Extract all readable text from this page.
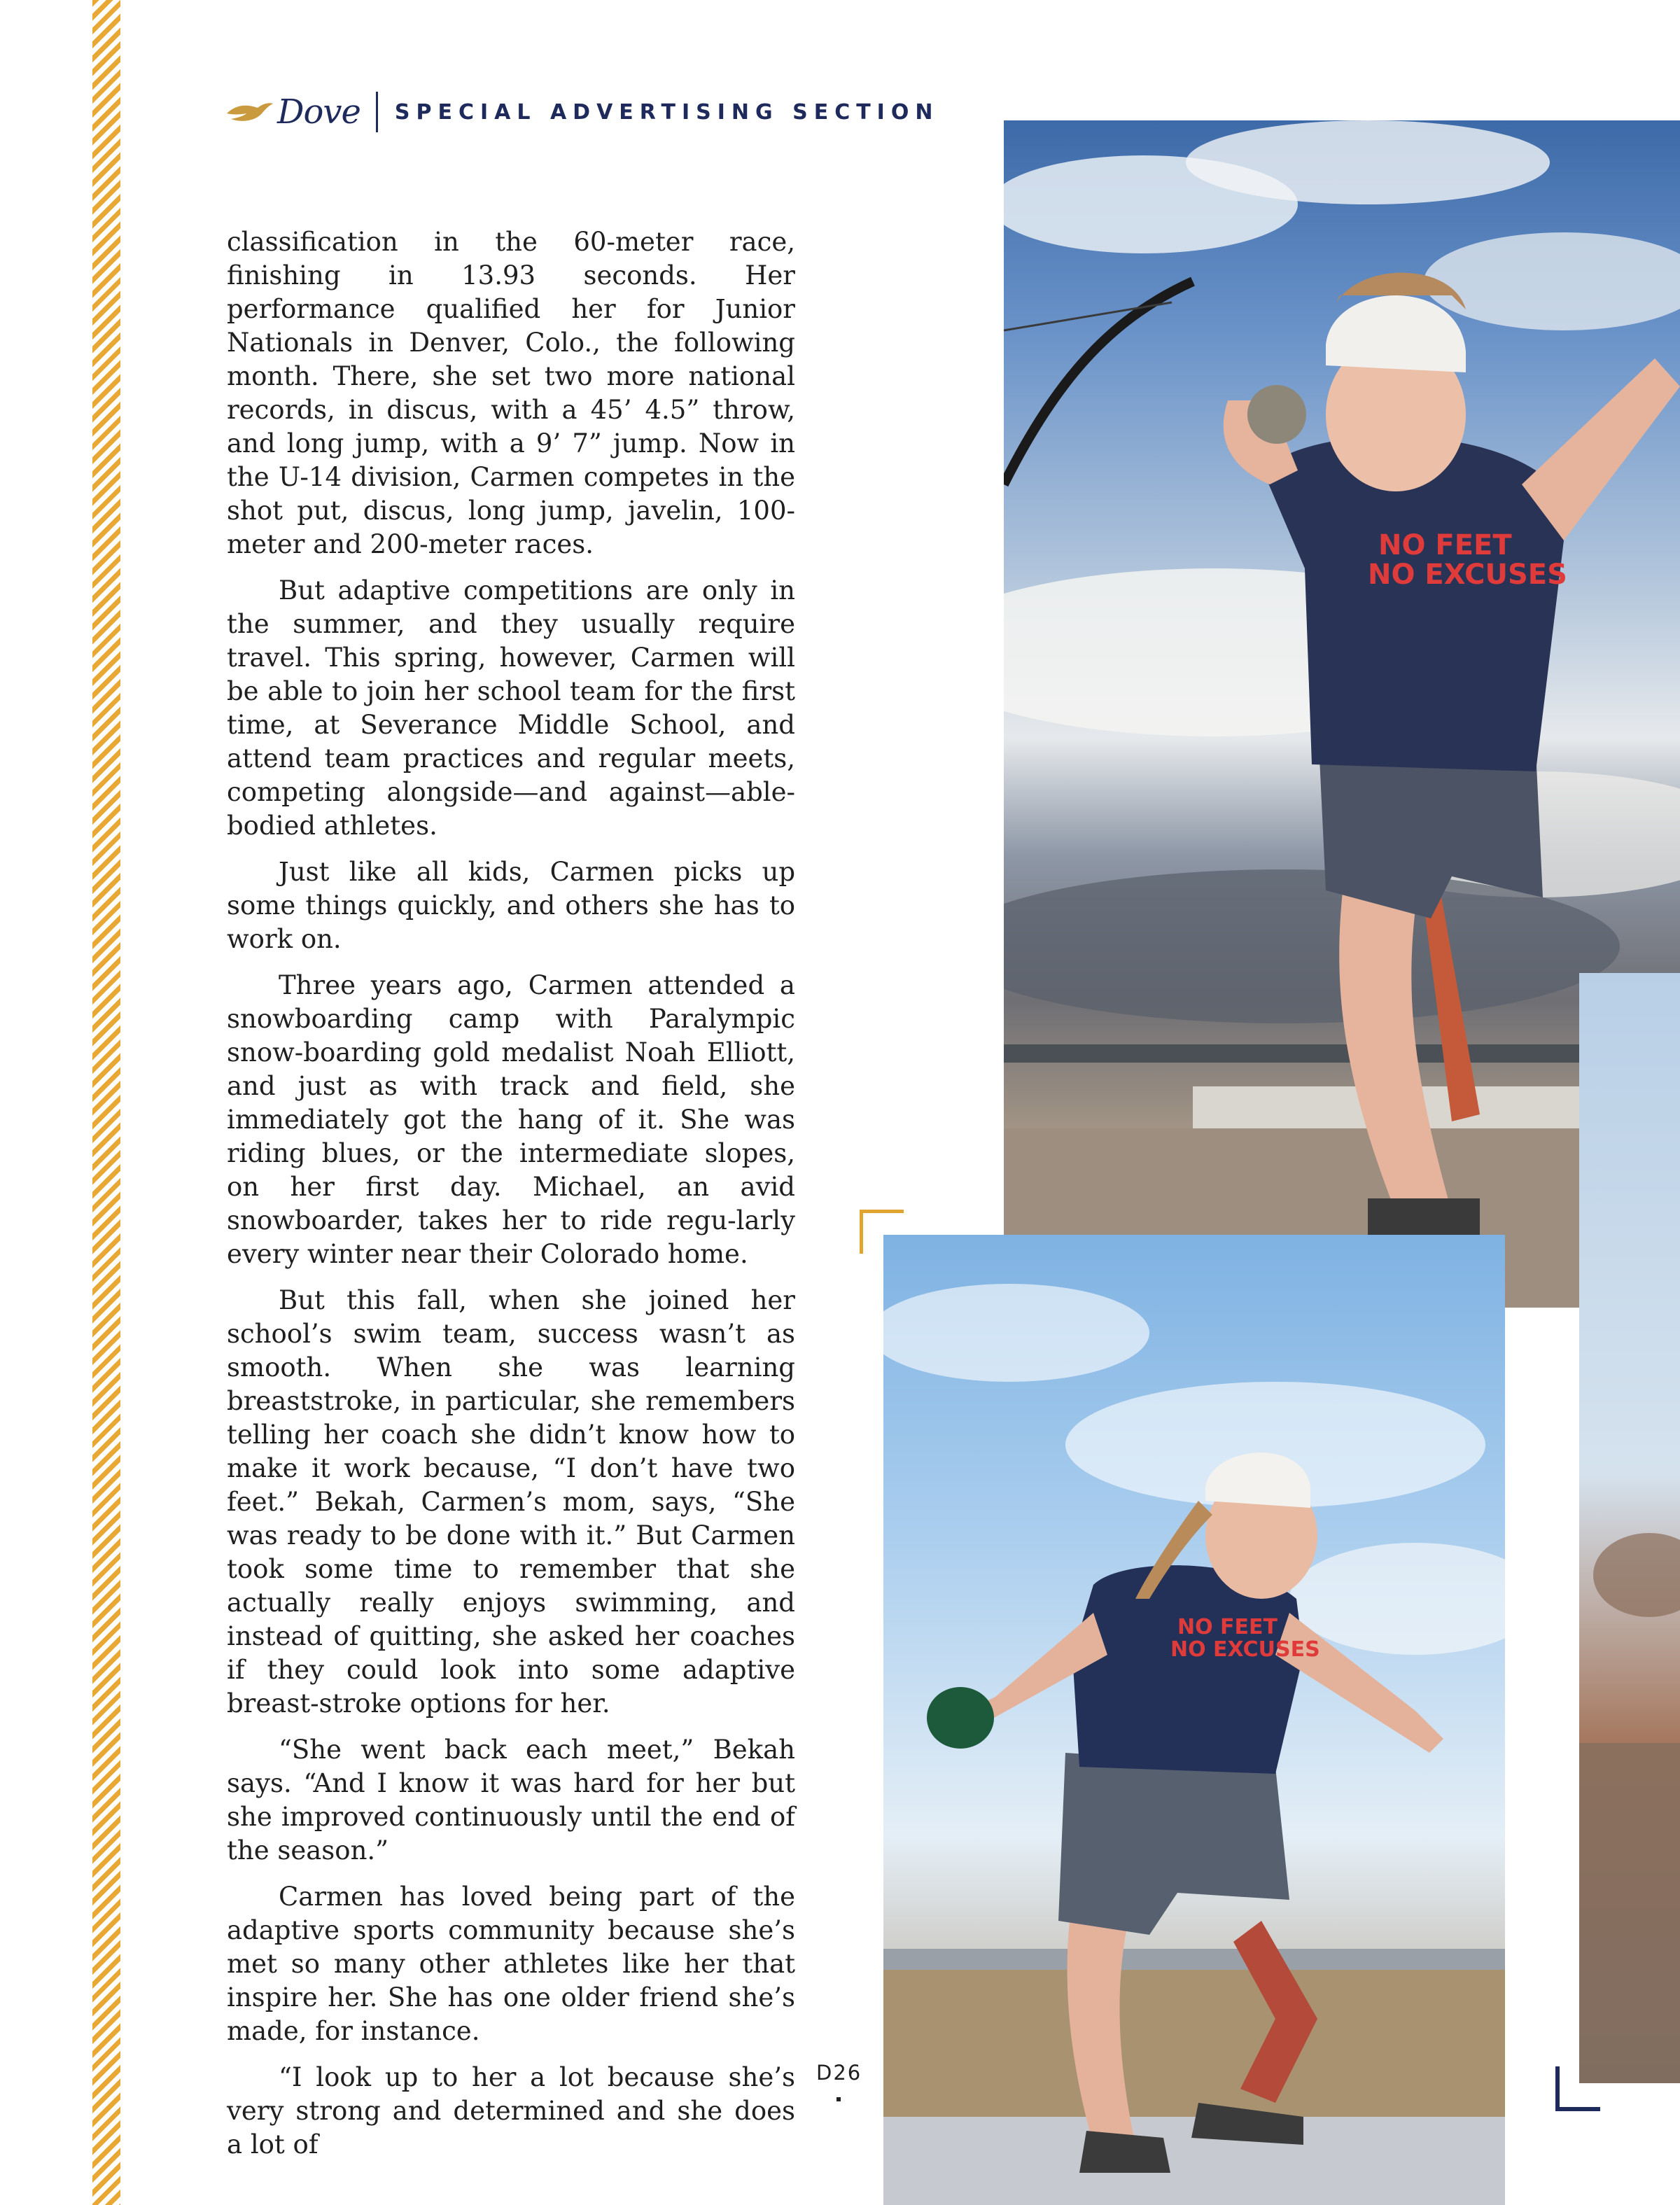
Dove SPECIAL ADVERTISING SECTION

classification in the 60-meter race, finishing in 13.93 seconds. Her performance qualified her for Junior Nationals in Denver, Colo., the following month. There, she set two more national records, in discus, with a 45’ 4.5” throw, and long jump, with a 9’ 7” jump. Now in the U-14 division, Carmen competes in the shot put, discus, long jump, javelin, 100-meter and 200-meter races.

But adaptive competitions are only in the summer, and they usually require travel. This spring, however, Carmen will be able to join her school team for the first time, at Severance Middle School, and attend team practices and regular meets, competing alongside—and against—able-bodied athletes.

Just like all kids, Carmen picks up some things quickly, and others she has to work on.

Three years ago, Carmen attended a snowboarding camp with Paralympic snow-boarding gold medalist Noah Elliott, and just as with track and field, she immediately got the hang of it. She was riding blues, or the intermediate slopes, on her first day. Michael, an avid snowboarder, takes her to ride regu-larly every winter near their Colorado home.

But this fall, when she joined her school’s swim team, success wasn’t as smooth. When she was learning breaststroke, in particular, she remembers telling her coach she didn’t know how to make it work because, “I don’t have two feet.” Bekah, Carmen’s mom, says, “She was ready to be done with it.” But Carmen took some time to remember that she actually really enjoys swimming, and instead of quitting, she asked her coaches if they could look into some adaptive breast-stroke options for her.

“She went back each meet,” Bekah says. “And I know it was hard for her but she improved continuously until the end of the season.”

Carmen has loved being part of the adaptive sports community because she’s met so many other athletes like her that inspire her. She has one older friend she’s made, for instance.

“I look up to her a lot because she’s very strong and determined and she does a lot of

NO FEET
NO EXCUSES
NO FEET
NO EXCUSES
D26
